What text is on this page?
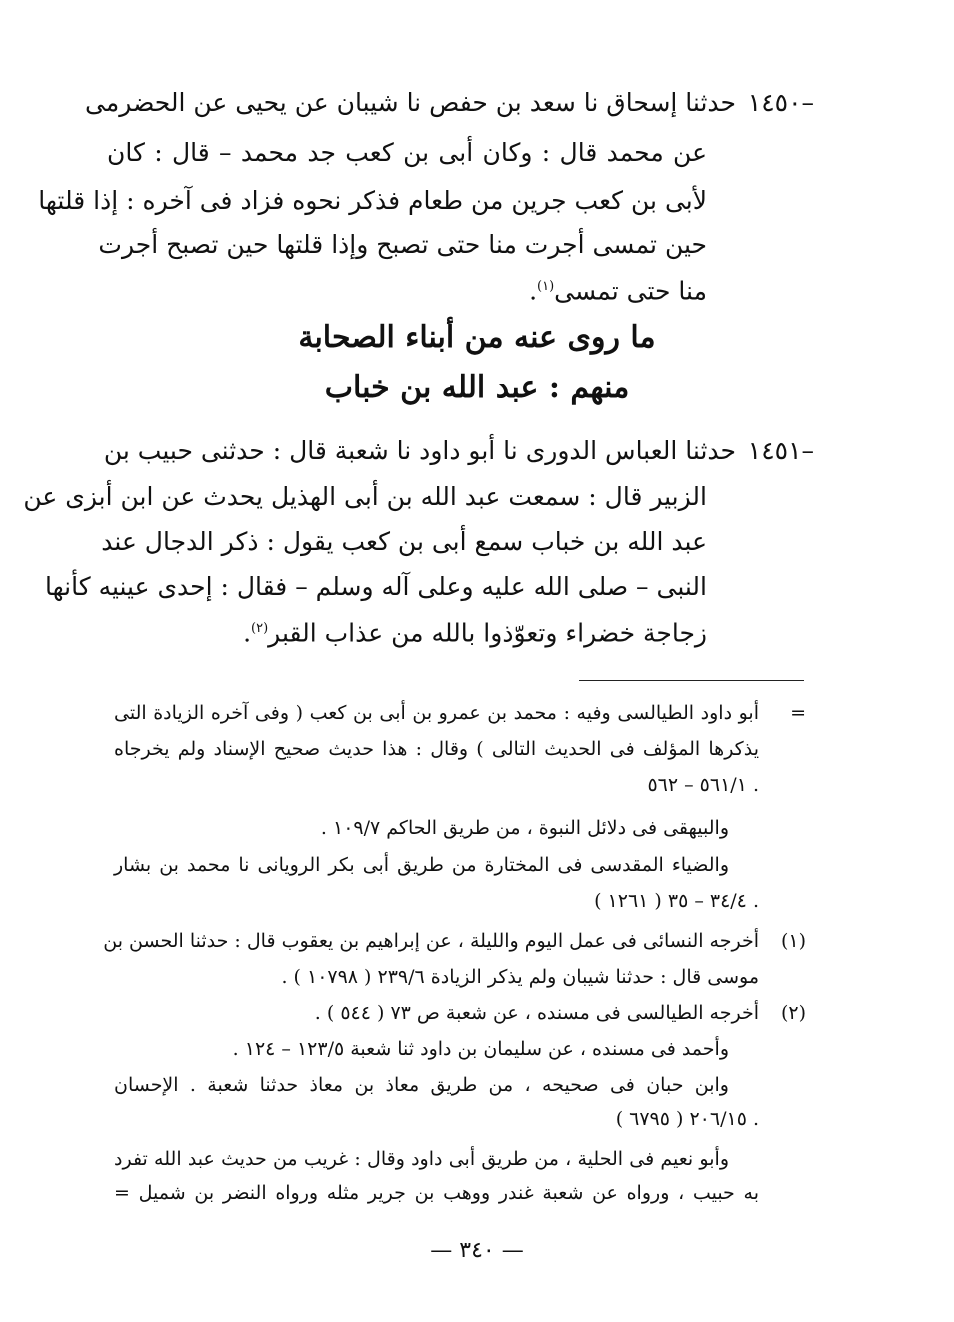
١٤٥٠–
حدثنا إسحاق نا سعد بن حفص نا شيبان عن يحيى عن الحضرمى
عن محمد قال : وكان أبى بن كعب جد محمد – قال : كان
لأبى بن كعب جرين من طعام فذكر نحوه فزاد فى آخره : إذا قلتها
حين تمسى أجرت منا حتى تصبح وإذا قلتها حين تصبح أجرت
منا حتى تمسى$^{(١)}$.
ما روى عنه من أبناء الصحابة
منهم : عبد الله بن خباب
١٤٥١–
حدثنا العباس الدورى نا أبو داود نا شعبة قال : حدثنى حبيب بن
الزبير قال : سمعت عبد الله بن أبى الهذيل يحدث عن ابن أبزى عن
عبد الله بن خباب سمع أبى بن كعب يقول : ذكر الدجال عند
النبى – صلى الله عليه وعلى آله وسلم – فقال : إحدى عينيه كأنها
زجاجة خضراء وتعوّذوا بالله من عذاب القبر$^{(٢)}$.
=
أبو داود الطيالسى وفيه : محمد بن عمرو بن أبى بن كعب ( وفى آخره الزيادة التى
يذكرها المؤلف فى الحديث التالى ) وقال : هذا حديث صحيح الإسناد ولم يخرجاه
٥٦١/١ – ٥٦٢ .
والبيهقى فى دلائل النبوة ، من طريق الحاكم ١٠٩/٧ .
والضياء المقدسى فى المختارة من طريق أبى بكر الرويانى نا محمد بن بشار
٣٤/٤ – ٣٥ ( ١٢٦١ ) .
(١)
أخرجه النسائى فى عمل اليوم والليلة ، عن إبراهيم بن يعقوب قال : حدثنا الحسن بن
موسى قال : حدثنا شيبان ولم يذكر الزيادة ٢٣٩/٦ ( ١٠٧٩٨ ) .
(٢)
أخرجه الطيالسى فى مسنده ، عن شعبة ص ٧٣ ( ٥٤٤ ) .
وأحمد فى مسنده ، عن سليمان بن داود ثنا شعبة ١٢٣/٥ – ١٢٤ .
وابن حبان فى صحيحه ، من طريق معاذ بن معاذ حدثنا شعبة . الإحسان
٢٠٦/١٥ ( ٦٧٩٥ ) .
وأبو نعيم فى الحلية ، من طريق أبى داود وقال : غريب من حديث عبد الله تفرد
به حبيب ، ورواه عن شعبة غندر ووهب بن جرير مثله ورواه النضر بن شميل =
— ٣٤٠ —
